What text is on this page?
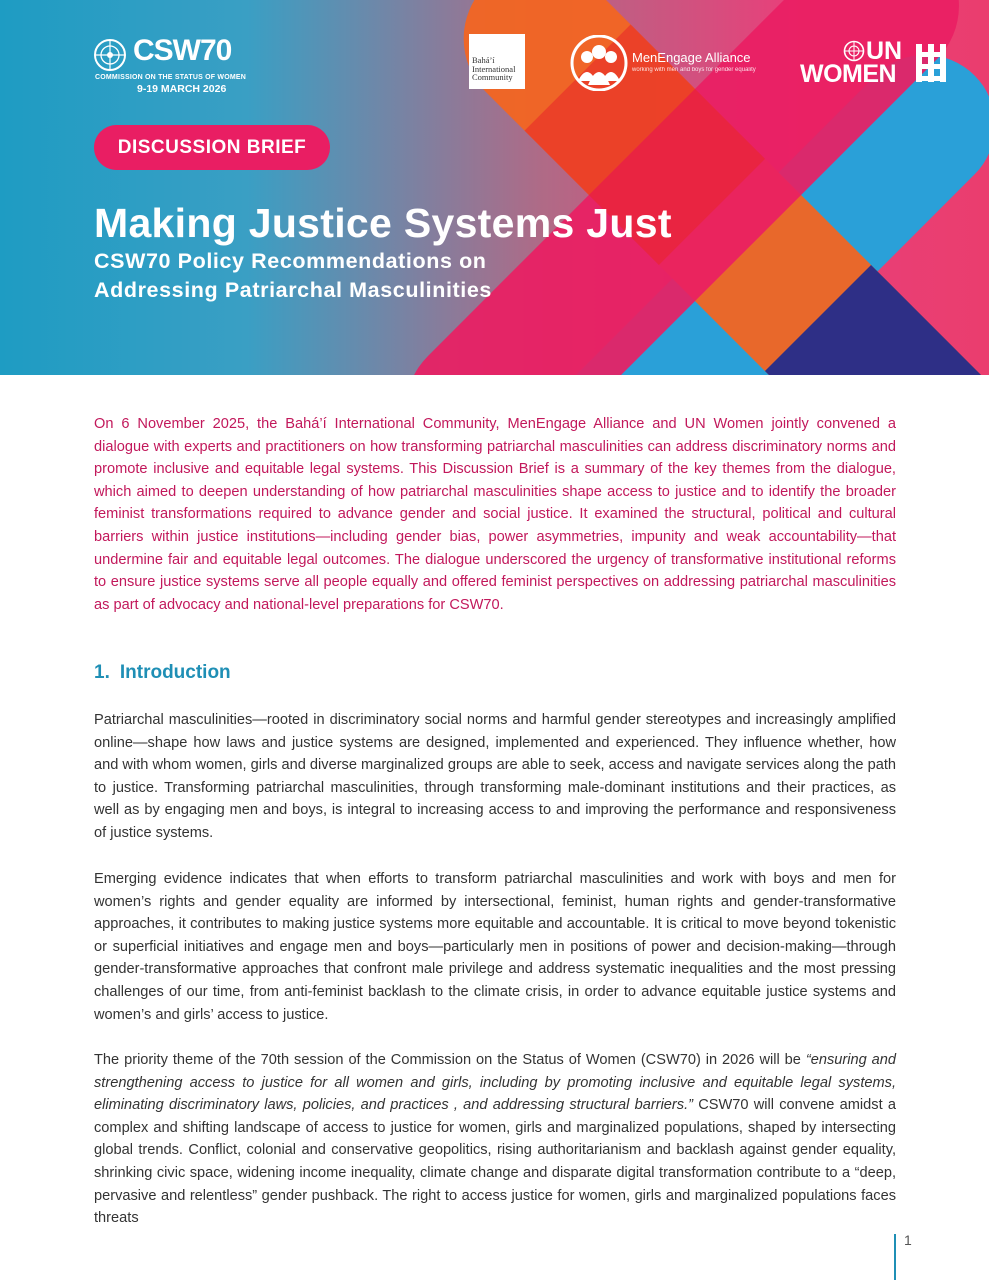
CSW70
COMMISSION ON THE STATUS OF WOMEN
9-19 MARCH 2026
Bahá’í
International
Community
MenEngage Alliance
working with men and boys for gender equality
UN
WOMEN
DISCUSSION BRIEF
Making Justice Systems Just
CSW70 Policy Recommendations on
Addressing Patriarchal Masculinities

On 6 November 2025, the Bahá’í International Community, MenEngage Alliance and UN Women jointly convened a dialogue with experts and practitioners on how transforming patriarchal masculinities can address discriminatory norms and promote inclusive and equitable legal systems. This Discussion Brief is a summary of the key themes from the dialogue, which aimed to deepen understanding of how patriarchal masculinities shape access to justice and to identify the broader feminist transformations required to advance gender and social justice. It examined the structural, political and cultural barriers within justice institutions—including gender bias, power asymmetries, impunity and weak accountability—that undermine fair and equitable legal outcomes. The dialogue underscored the urgency of transformative institutional reforms to ensure justice systems serve all people equally and offered feminist perspectives on addressing patriarchal masculinities as part of advocacy and national-level preparations for CSW70.

1. Introduction

Patriarchal masculinities—rooted in discriminatory social norms and harmful gender stereotypes and increasingly amplified online—shape how laws and justice systems are designed, implemented and experienced. They influence whether, how and with whom women, girls and diverse marginalized groups are able to seek, access and navigate services along the path to justice. Transforming patriarchal masculinities, through transforming male-dominant institutions and their practices, as well as by engaging men and boys, is integral to increasing access to and improving the performance and responsiveness of justice systems.

Emerging evidence indicates that when efforts to transform patriarchal masculinities and work with boys and men for women’s rights and gender equality are informed by intersectional, feminist, human rights and gender-transformative approaches, it contributes to making justice systems more equitable and accountable. It is critical to move beyond tokenistic or superficial initiatives and engage men and boys—particularly men in positions of power and decision-making—through gender-transformative approaches that confront male privilege and address systematic inequalities and the most pressing challenges of our time, from anti-feminist backlash to the climate crisis, in order to advance equitable justice systems and women’s and girls’ access to justice.

The priority theme of the 70th session of the Commission on the Status of Women (CSW70) in 2026 will be “ensuring and strengthening access to justice for all women and girls, including by promoting inclusive and equitable legal systems, eliminating discriminatory laws, policies, and practices , and addressing structural barriers.” CSW70 will convene amidst a complex and shifting landscape of access to justice for women, girls and marginalized populations, shaped by intersecting global trends. Conflict, colonial and conservative geopolitics, rising authoritarianism and backlash against gender equality, shrinking civic space, widening income inequality, climate change and disparate digital transformation contribute to a “deep, pervasive and relentless” gender pushback. The right to access justice for women, girls and marginalized populations faces threats

1
